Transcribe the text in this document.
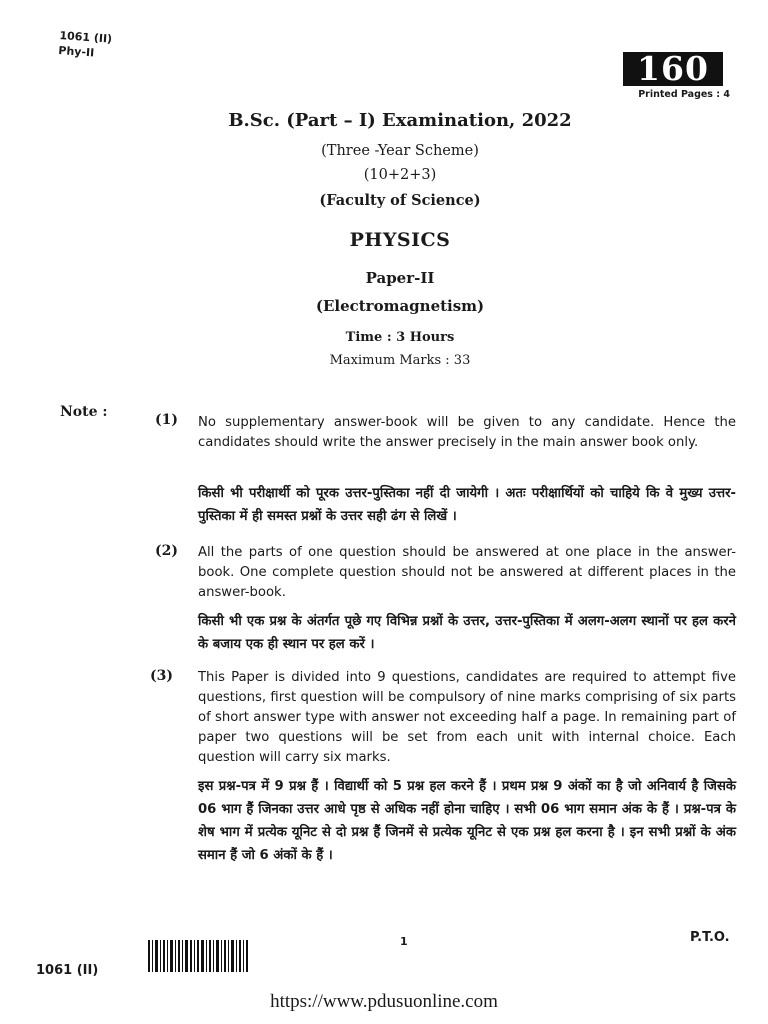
1061 (II)
Phy-II	160
Printed Pages : 4
B.Sc. (Part – I) Examination, 2022
(Three -Year Scheme)
(10+2+3)
(Faculty of Science)
PHYSICS
Paper-II
(Electromagnetism)
Time : 3 Hours
Maximum Marks : 33
Note :	(1) No supplementary answer-book will be given to any candidate. Hence the candidates should write the answer precisely in the main answer book only.
किसी भी परीक्षार्थी को पूरक उत्तर-पुस्तिका नहीं दी जायेगी । अतः परीक्षार्थियों को चाहिये कि वे मुख्य उत्तर-पुस्तिका में ही समस्त प्रश्नों के उत्तर सही ढंग से लिखें ।
(2) All the parts of one question should be answered at one place in the answer-book. One complete question should not be answered at different places in the answer-book.
किसी भी एक प्रश्न के अंतर्गत पूछे गए विभिन्न प्रश्नों के उत्तर, उत्तर-पुस्तिका में अलग-अलग स्थानों पर हल करने के बजाय एक ही स्थान पर हल करें ।
(3) This Paper is divided into 9 questions, candidates are required to attempt five questions, first question will be compulsory of nine marks comprising of six parts of short answer type with answer not exceeding half a page. In remaining part of paper two questions will be set from each unit with internal choice. Each question will carry six marks.
इस प्रश्न-पत्र में 9 प्रश्न हैं । विद्यार्थी को 5 प्रश्न हल करने हैं । प्रथम प्रश्न 9 अंकों का है जो अनिवार्य है जिसके 06 भाग हैं जिनका उत्तर आधे पृष्ठ से अधिक नहीं होना चाहिए । सभी 06 भाग समान अंक के हैं । प्रश्न-पत्र के शेष भाग में प्रत्येक यूनिट से दो प्रश्न हैं जिनमें से प्रत्येक यूनिट से एक प्रश्न हल करना है । इन सभी प्रश्नों के अंक समान हैं जो 6 अंकों के हैं ।
1	P.T.O.
1061 (II)
https://www.pdusuonline.com
